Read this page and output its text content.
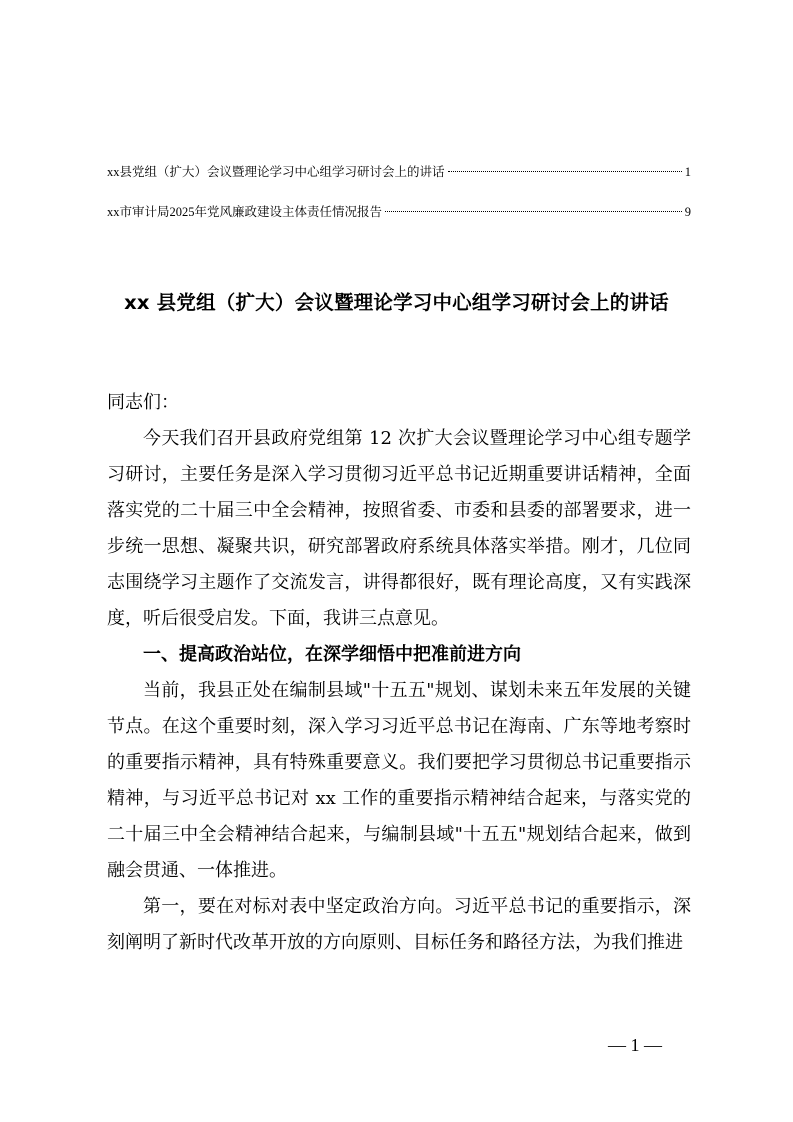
xx县党组（扩大）会议暨理论学习中心组学习研讨会上的讲话	1
xx市审计局2025年党风廉政建设主体责任情况报告	9
xx 县党组（扩大）会议暨理论学习中心组学习研讨会上的讲话

同志们：

今天我们召开县政府党组第 12 次扩大会议暨理论学习中心组专题学习研讨，主要任务是深入学习贯彻习近平总书记近期重要讲话精神，全面落实党的二十届三中全会精神，按照省委、市委和县委的部署要求，进一步统一思想、凝聚共识，研究部署政府系统具体落实举措。刚才，几位同志围绕学习主题作了交流发言，讲得都很好，既有理论高度，又有实践深度，听后很受启发。下面，我讲三点意见。

一、提高政治站位，在深学细悟中把准前进方向

当前，我县正处在编制县域"十五五"规划、谋划未来五年发展的关键节点。在这个重要时刻，深入学习习近平总书记在海南、广东等地考察时的重要指示精神，具有特殊重要意义。我们要把学习贯彻总书记重要指示精神，与习近平总书记对 xx 工作的重要指示精神结合起来，与落实党的二十届三中全会精神结合起来，与编制县域"十五五"规划结合起来，做到融会贯通、一体推进。

第一，要在对标对表中坚定政治方向。习近平总书记的重要指示，深刻阐明了新时代改革开放的方向原则、目标任务和路径方法，为我们推进

— 1 —
